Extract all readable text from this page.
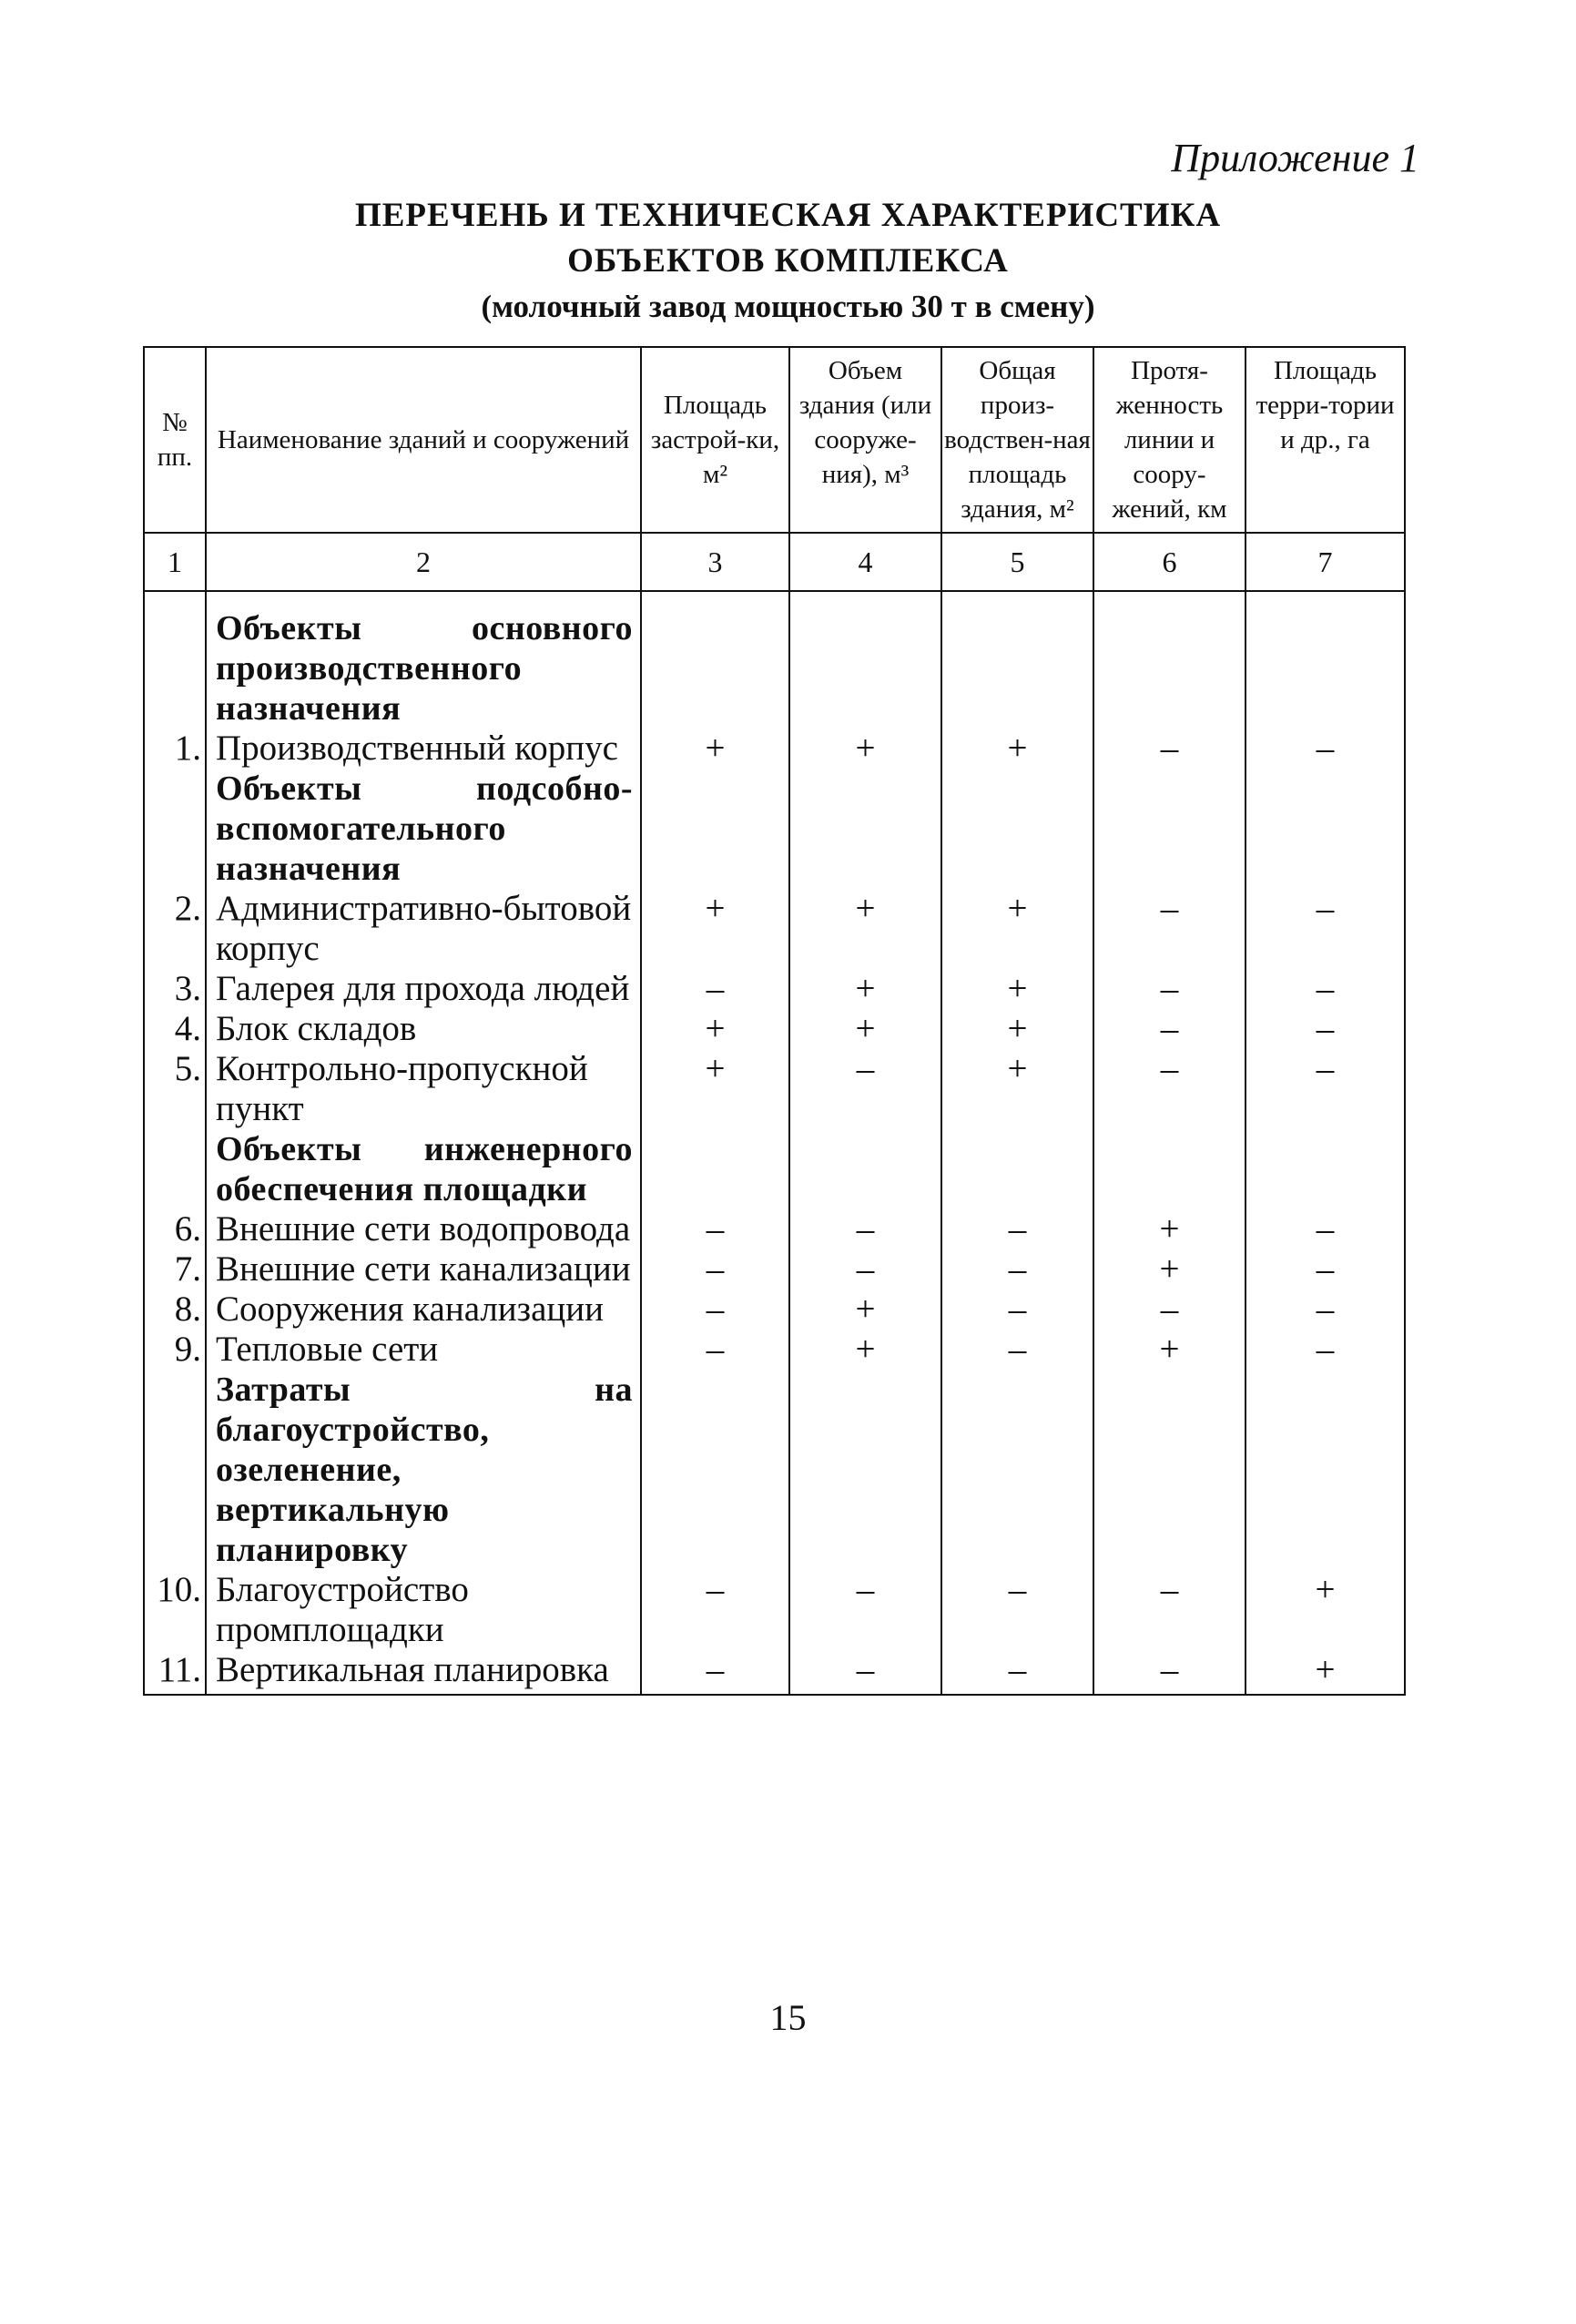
Приложение 1
ПЕРЕЧЕНЬ И ТЕХНИЧЕСКАЯ ХАРАКТЕРИСТИКА
ОБЪЕКТОВ КОМПЛЕКСА
(молочный завод мощностью 30 т в смену)
№ пп.	Наименование зданий и сооружений	Площадь застрой-ки, м²	Объем здания (или сооруже-ния), м³	Общая произ-водствен-ная площадь здания, м²	Протя-женность линии и соору-жений, км	Площадь терри-тории и др., га
1	2	3	4	5	6	7
	Объекты основного производственного назначения					
1.	Производственный корпус	+	+	+	–	–
	Объекты подсобно-вспомогательного назначения					
2.	Административно-бытовой корпус	+	+	+	–	–
3.	Галерея для прохода людей	–	+	+	–	–
4.	Блок складов	+	+	+	–	–
5.	Контрольно-пропускной пункт	+	–	+	–	–
	Объекты инженерного обеспечения площадки					
6.	Внешние сети водопровода	–	–	–	+	–
7.	Внешние сети канализации	–	–	–	+	–
8.	Сооружения канализации	–	+	–	–	–
9.	Тепловые сети	–	+	–	+	–
	Затраты на благоустройство, озеленение, вертикальную планировку					
10.	Благоустройство промплощадки	–	–	–	–	+
11.	Вертикальная планировка	–	–	–	–	+
15
